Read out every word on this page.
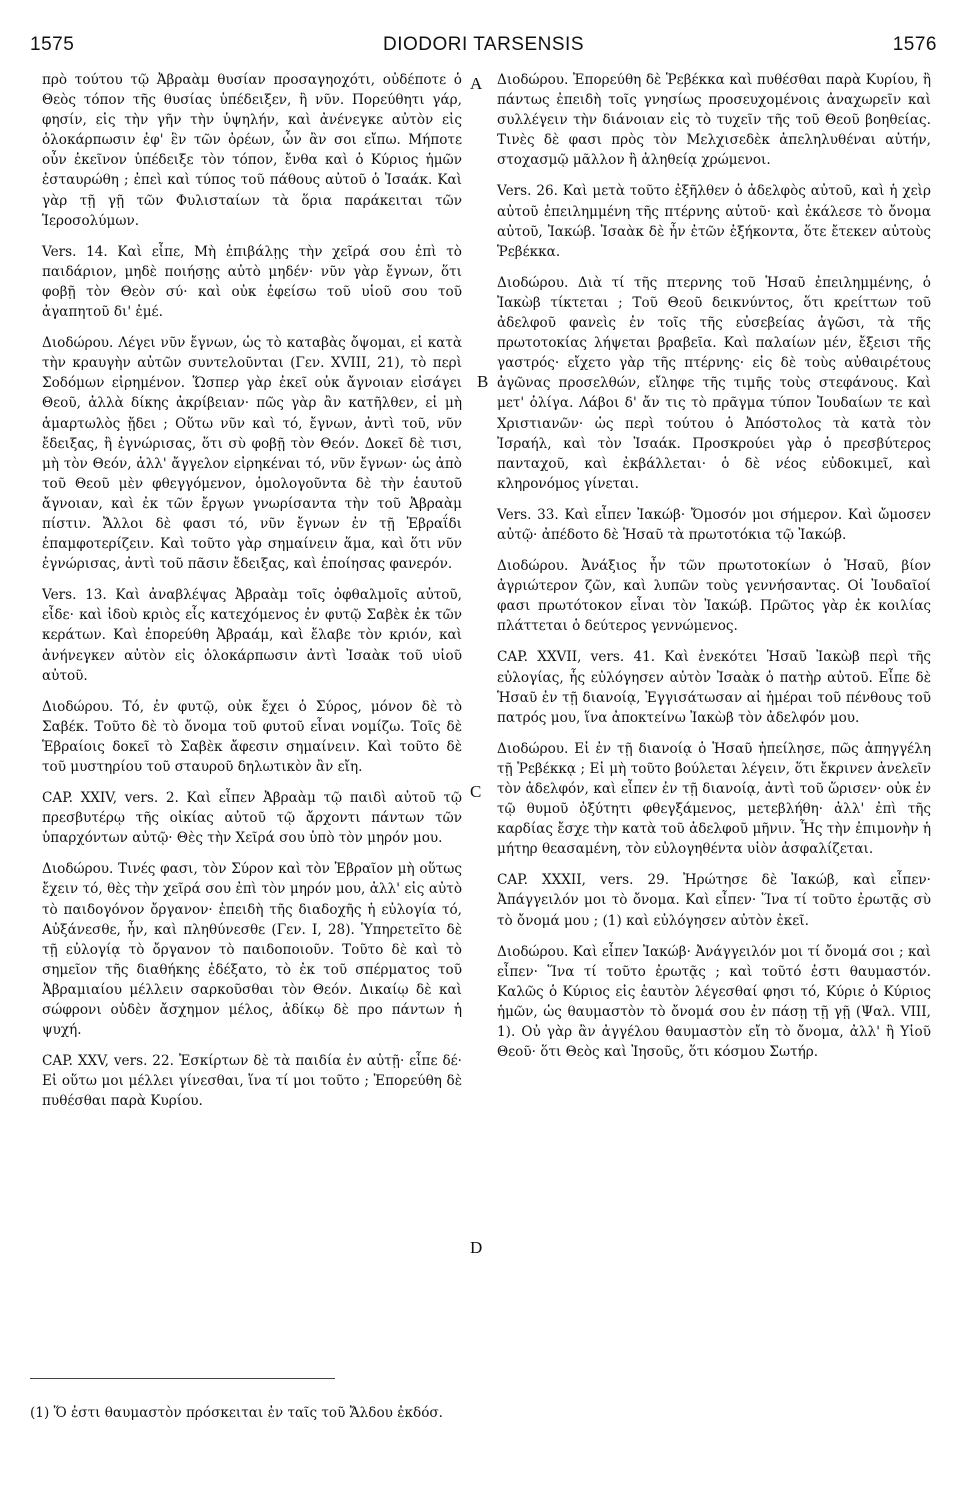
1575	DIODORI TARSENSIS	1576
A
B
C
D

πρὸ τούτου τῷ Ἀβραὰμ θυσίαν προσαγηοχότι, οὐδέποτε ὁ Θεὸς τόπον τῆς θυσίας ὑπέδειξεν, ἢ νῦν. Πορεύθητι γάρ, φησίν, εἰς τὴν γῆν τὴν ὑψηλήν, καὶ ἀνένεγκε αὐτὸν εἰς ὁλοκάρπωσιν ἐφ' ἓν τῶν ὀρέων, ὧν ἂν σοι εἴπω. Μήποτε οὖν ἐκεῖνον ὑπέδειξε τὸν τόπον, ἔνθα καὶ ὁ Κύριος ἡμῶν ἐσταυρώθη ; ἐπεὶ καὶ τύπος τοῦ πάθους αὐτοῦ ὁ Ἰσαάκ. Καὶ γὰρ τῇ γῇ τῶν Φυλισταίων τὰ ὅρια παράκειται τῶν Ἱεροσολύμων.

Vers. 14. Καὶ εἶπε, Μὴ ἐπιβάλῃς τὴν χεῖρά σου ἐπὶ τὸ παιδάριον, μηδὲ ποιήσῃς αὐτὸ μηδέν· νῦν γὰρ ἔγνων, ὅτι φοβῇ τὸν Θεὸν σύ· καὶ οὐκ ἐφείσω τοῦ υἱοῦ σου τοῦ ἀγαπητοῦ δι' ἐμέ.

Διοδώρου. Λέγει νῦν ἔγνων, ὡς τὸ καταβὰς ὄψομαι, εἰ κατὰ τὴν κραυγὴν αὐτῶν συντελοῦνται (Γεν. XVIII, 21), τὸ περὶ Σοδόμων εἰρημένον. Ὥσπερ γὰρ ἐκεῖ οὐκ ἄγνοιαν εἰσάγει Θεοῦ, ἀλλὰ δίκης ἀκρίβειαν· πῶς γὰρ ἂν κατῆλθεν, εἰ μὴ ἁμαρτωλὸς ᾔδει ; Οὕτω νῦν καὶ τό, ἔγνων, ἀντὶ τοῦ, νῦν ἔδειξας, ἢ ἐγνώρισας, ὅτι σὺ φοβῇ τὸν Θεόν. Δοκεῖ δὲ τισι, μὴ τὸν Θεόν, ἀλλ' ἄγγελον εἰρηκέναι τό, νῦν ἔγνων· ὡς ἀπὸ τοῦ Θεοῦ μὲν φθεγγόμενον, ὁμολογοῦντα δὲ τὴν ἑαυτοῦ ἄγνοιαν, καὶ ἐκ τῶν ἔργων γνωρίσαντα τὴν τοῦ Ἀβραὰμ πίστιν. Ἄλλοι δὲ φασι τό, νῦν ἔγνων ἐν τῇ Ἑβραΐδι ἐπαμφοτερίζειν. Καὶ τοῦτο γὰρ σημαίνειν ἅμα, καὶ ὅτι νῦν ἐγνώρισας, ἀντὶ τοῦ πᾶσιν ἔδειξας, καὶ ἐποίησας φανερόν.

Vers. 13. Καὶ ἀναβλέψας Ἀβραὰμ τοῖς ὀφθαλμοῖς αὐτοῦ, εἶδε· καὶ ἰδοὺ κριὸς εἷς κατεχόμενος ἐν φυτῷ Σαβὲκ ἐκ τῶν κεράτων. Καὶ ἐπορεύθη Ἀβραάμ, καὶ ἔλαβε τὸν κριόν, καὶ ἀνήνεγκεν αὐτὸν εἰς ὁλοκάρπωσιν ἀντὶ Ἰσαὰκ τοῦ υἱοῦ αὐτοῦ.

Διοδώρου. Τό, ἐν φυτῷ, οὐκ ἔχει ὁ Σύρος, μόνον δὲ τὸ Σαβέκ. Τοῦτο δὲ τὸ ὄνομα τοῦ φυτοῦ εἶναι νομίζω. Τοῖς δὲ Ἑβραίοις δοκεῖ τὸ Σαβὲκ ἄφεσιν σημαίνειν. Καὶ τοῦτο δὲ τοῦ μυστηρίου τοῦ σταυροῦ δηλωτικὸν ἂν εἴη.

CAP. XXIV, vers. 2. Καὶ εἶπεν Ἀβραὰμ τῷ παιδὶ αὐτοῦ τῷ πρεσβυτέρῳ τῆς οἰκίας αὐτοῦ τῷ ἄρχοντι πάντων τῶν ὑπαρχόντων αὐτῷ· Θὲς τὴν Χεῖρά σου ὑπὸ τὸν μηρόν μου.

Διοδώρου. Τινές φασι, τὸν Σύρον καὶ τὸν Ἑβραῖον μὴ οὕτως ἔχειν τό, θὲς τὴν χεῖρά σου ἐπὶ τὸν μηρόν μου, ἀλλ' εἰς αὐτὸ τὸ παιδογόνον ὄργανον· ἐπειδὴ τῆς διαδοχῆς ἡ εὐλογία τό, Αὐξάνεσθε, ἦν, καὶ πληθύνεσθε (Γεν. I, 28). Ὑπηρετεῖτο δὲ τῇ εὐλογίᾳ τὸ ὄργανον τὸ παιδοποιοῦν. Τοῦτο δὲ καὶ τὸ σημεῖον τῆς διαθήκης ἐδέξατο, τὸ ἐκ τοῦ σπέρματος τοῦ Ἀβραμιαίου μέλλειν σαρκοῦσθαι τὸν Θεόν. Δικαίῳ δὲ καὶ σώφρονι οὐδὲν ἄσχημον μέλος, ἀδίκῳ δὲ προ πάντων ἡ ψυχή.

CAP. XXV, vers. 22. Ἐσκίρτων δὲ τὰ παιδία ἐν αὐτῇ· εἶπε δέ· Εἰ οὕτω μοι μέλλει γίνεσθαι, ἵνα τί μοι τοῦτο ; Ἐπορεύθη δὲ πυθέσθαι παρὰ Κυρίου.

Διοδώρου. Ἐπορεύθη δὲ Ῥεβέκκα καὶ πυθέσθαι παρὰ Κυρίου, ἢ πάντως ἐπειδὴ τοῖς γνησίως προσευχομένοις ἀναχωρεῖν καὶ συλλέγειν τὴν διάνοιαν εἰς τὸ τυχεῖν τῆς τοῦ Θεοῦ βοηθείας. Τινὲς δὲ φασι πρὸς τὸν Μελχισεδὲκ ἀπεληλυθέναι αὐτήν, στοχασμῷ μᾶλλον ἢ ἀληθείᾳ χρώμενοι.

Vers. 26. Καὶ μετὰ τοῦτο ἐξῆλθεν ὁ ἀδελφὸς αὐτοῦ, καὶ ἡ χεὶρ αὐτοῦ ἐπειλημμένη τῆς πτέρνης αὐτοῦ· καὶ ἐκάλεσε τὸ ὄνομα αὐτοῦ, Ἰακώβ. Ἰσαὰκ δὲ ἦν ἐτῶν ἑξήκοντα, ὅτε ἔτεκεν αὐτοὺς Ῥεβέκκα.

Διοδώρου. Διὰ τί τῆς πτερνης τοῦ Ἡσαῦ ἐπειλημμένης, ὁ Ἰακὼβ τίκτεται ; Τοῦ Θεοῦ δεικνύντος, ὅτι κρείττων τοῦ ἀδελφοῦ φανεὶς ἐν τοῖς τῆς εὐσεβείας ἀγῶσι, τὰ τῆς πρωτοτοκίας λήψεται βραβεῖα. Καὶ παλαίων μέν, ἔξεισι τῆς γαστρός· εἴχετο γὰρ τῆς πτέρνης· εἰς δὲ τοὺς αὐθαιρέτους ἀγῶνας προσελθών, εἴληφε τῆς τιμῆς τοὺς στεφάνους. Καὶ μετ' ὀλίγα. Λάβοι δ' ἄν τις τὸ πρᾶγμα τύπον Ἰουδαίων τε καὶ Χριστιανῶν· ὡς περὶ τούτου ὁ Ἀπόστολος τὰ κατὰ τὸν Ἰσραήλ, καὶ τὸν Ἰσαάκ. Προσκρούει γὰρ ὁ πρεσβύτερος πανταχοῦ, καὶ ἐκβάλλεται· ὁ δὲ νέος εὐδοκιμεῖ, καὶ κληρονόμος γίνεται.

Vers. 33. Καὶ εἶπεν Ἰακώβ· Ὄμοσόν μοι σήμερον. Καὶ ὤμοσεν αὐτῷ· ἀπέδοτο δὲ Ἡσαῦ τὰ πρωτοτόκια τῷ Ἰακώβ.

Διοδώρου. Ἀνάξιος ἦν τῶν πρωτοτοκίων ὁ Ἡσαῦ, βίον ἀγριώτερον ζῶν, καὶ λυπῶν τοὺς γεννήσαντας. Οἱ Ἰουδαῖοί φασι πρωτότοκον εἶναι τὸν Ἰακώβ. Πρῶτος γὰρ ἐκ κοιλίας πλάττεται ὁ δεύτερος γεννώμενος.

CAP. XXVII, vers. 41. Καὶ ἐνεκότει Ἡσαῦ Ἰακὼβ περὶ τῆς εὐλογίας, ἧς εὐλόγησεν αὐτὸν Ἰσαὰκ ὁ πατὴρ αὐτοῦ. Εἶπε δὲ Ἡσαῦ ἐν τῇ διανοίᾳ, Ἐγγισάτωσαν αἱ ἡμέραι τοῦ πένθους τοῦ πατρός μου, ἵνα ἀποκτείνω Ἰακὼβ τὸν ἀδελφόν μου.

Διοδώρου. Εἰ ἐν τῇ διανοίᾳ ὁ Ἡσαῦ ἠπείλησε, πῶς ἀπηγγέλη τῇ Ῥεβέκκᾳ ; Εἰ μὴ τοῦτο βούλεται λέγειν, ὅτι ἔκρινεν ἀνελεῖν τὸν ἀδελφόν, καὶ εἶπεν ἐν τῇ διανοίᾳ, ἀντὶ τοῦ ὥρισεν· οὐκ ἐν τῷ θυμοῦ ὀξύτητι φθεγξάμενος, μετεβλήθη· ἀλλ' ἐπὶ τῆς καρδίας ἔσχε τὴν κατὰ τοῦ ἀδελφοῦ μῆνιν. Ἧς τὴν ἐπιμονὴν ἡ μήτηρ θεασαμένη, τὸν εὐλογηθέντα υἱὸν ἀσφαλίζεται.

CAP. XXXII, vers. 29. Ἠρώτησε δὲ Ἰακώβ, καὶ εἶπεν· Ἀπάγγειλόν μοι τὸ ὄνομα. Καὶ εἶπεν· Ἵνα τί τοῦτο ἐρωτᾷς σὺ τὸ ὄνομά μου ; (1) καὶ εὐλόγησεν αὐτὸν ἐκεῖ.

Διοδώρου. Καὶ εἶπεν Ἰακώβ· Ἀνάγγειλόν μοι τί ὄνομά σοι ; καὶ εἶπεν· Ἵνα τί τοῦτο ἐρωτᾷς ; καὶ τοῦτό ἐστι θαυμαστόν. Καλῶς ὁ Κύριος εἰς ἑαυτὸν λέγεσθαί φησι τό, Κύριε ὁ Κύριος ἡμῶν, ὡς θαυμαστὸν τὸ ὄνομά σου ἐν πάσῃ τῇ γῇ (Ψαλ. VIII, 1). Οὐ γὰρ ἂν ἀγγέλου θαυμαστὸν εἴη τὸ ὄνομα, ἀλλ' ἢ Υἱοῦ Θεοῦ· ὅτι Θεὸς καὶ Ἰησοῦς, ὅτι κόσμου Σωτήρ.

(1) Ὅ ἐστι θαυμαστὸν πρόσκειται ἐν ταῖς τοῦ Ἄλδου ἐκδόσ.
